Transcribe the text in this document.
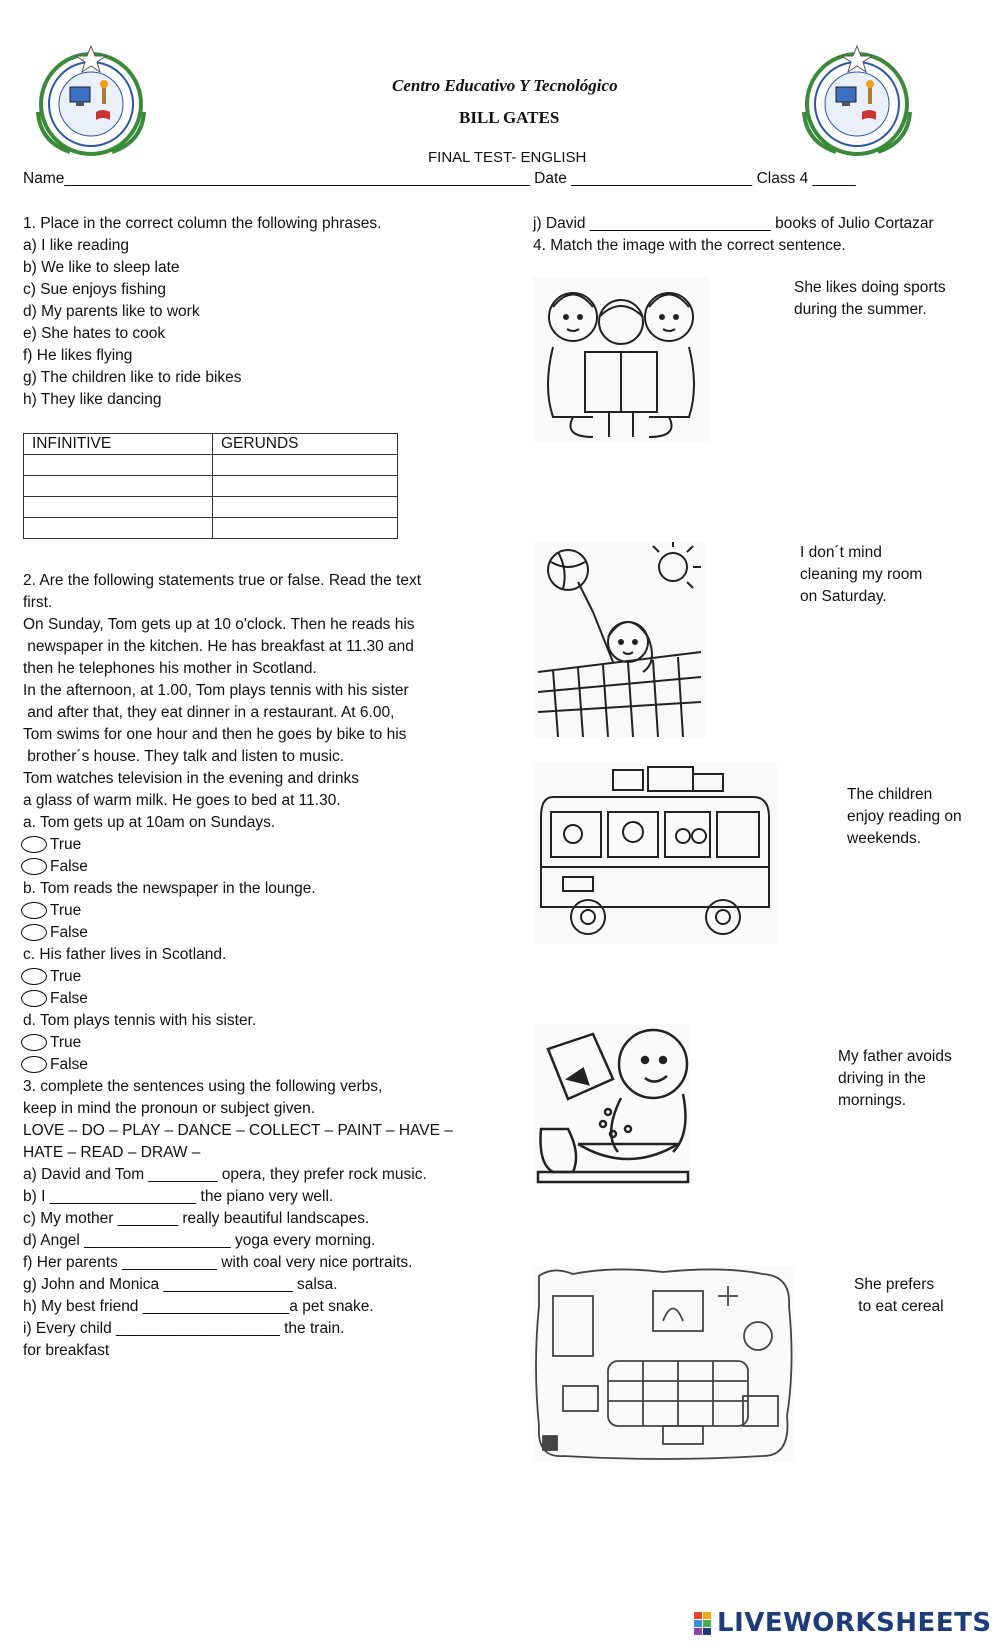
Centro Educativo Y Tecnológico
BILL GATES
FINAL TEST- ENGLISH
Name______________________________________________________ Date _____________________ Class 4 _____
1. Place in the correct column the following phrases.
a) I like reading
b) We like to sleep late
c) Sue enjoys fishing
d) My parents like to work
e) She hates to cook
f) He likes flying
g) The children like to ride bikes
h) They like dancing
INFINITIVE	GERUNDS

2. Are the following statements true or false. Read the text
first.
On Sunday, Tom gets up at 10 o'clock. Then he reads his
newspaper in the kitchen. He has breakfast at 11.30 and
then he telephones his mother in Scotland.
In the afternoon, at 1.00, Tom plays tennis with his sister
and after that, they eat dinner in a restaurant. At 6.00,
Tom swims for one hour and then he goes by bike to his
brother´s house. They talk and listen to music.
Tom watches television in the evening and drinks
a glass of warm milk. He goes to bed at 11.30.
a. Tom gets up at 10am on Sundays.
True
False
b. Tom reads the newspaper in the lounge.
True
False
c. His father lives in Scotland.
True
False
d. Tom plays tennis with his sister.
True
False
3. complete the sentences using the following verbs,
keep in mind the pronoun or subject given.
LOVE – DO – PLAY – DANCE – COLLECT – PAINT – HAVE –
HATE – READ – DRAW –
a) David and Tom ________ opera, they prefer rock music.
b) I _________________ the piano very well.
c) My mother _______ really beautiful landscapes.
d) Angel _________________ yoga every morning.
f) Her parents ___________ with coal very nice portraits.
g) John and Monica _______________ salsa.
h) My best friend _________________a pet snake.
i) Every child ___________________ the train.
for breakfast
j) David _____________________ books of Julio Cortazar
4. Match the image with the correct sentence.
She likes doing sports
during the summer.
I don´t mind
cleaning my room
on Saturday.
The children
enjoy reading on
weekends.
My father avoids
driving in the
mornings.
She prefers
to eat cereal
LIVEWORKSHEETS
